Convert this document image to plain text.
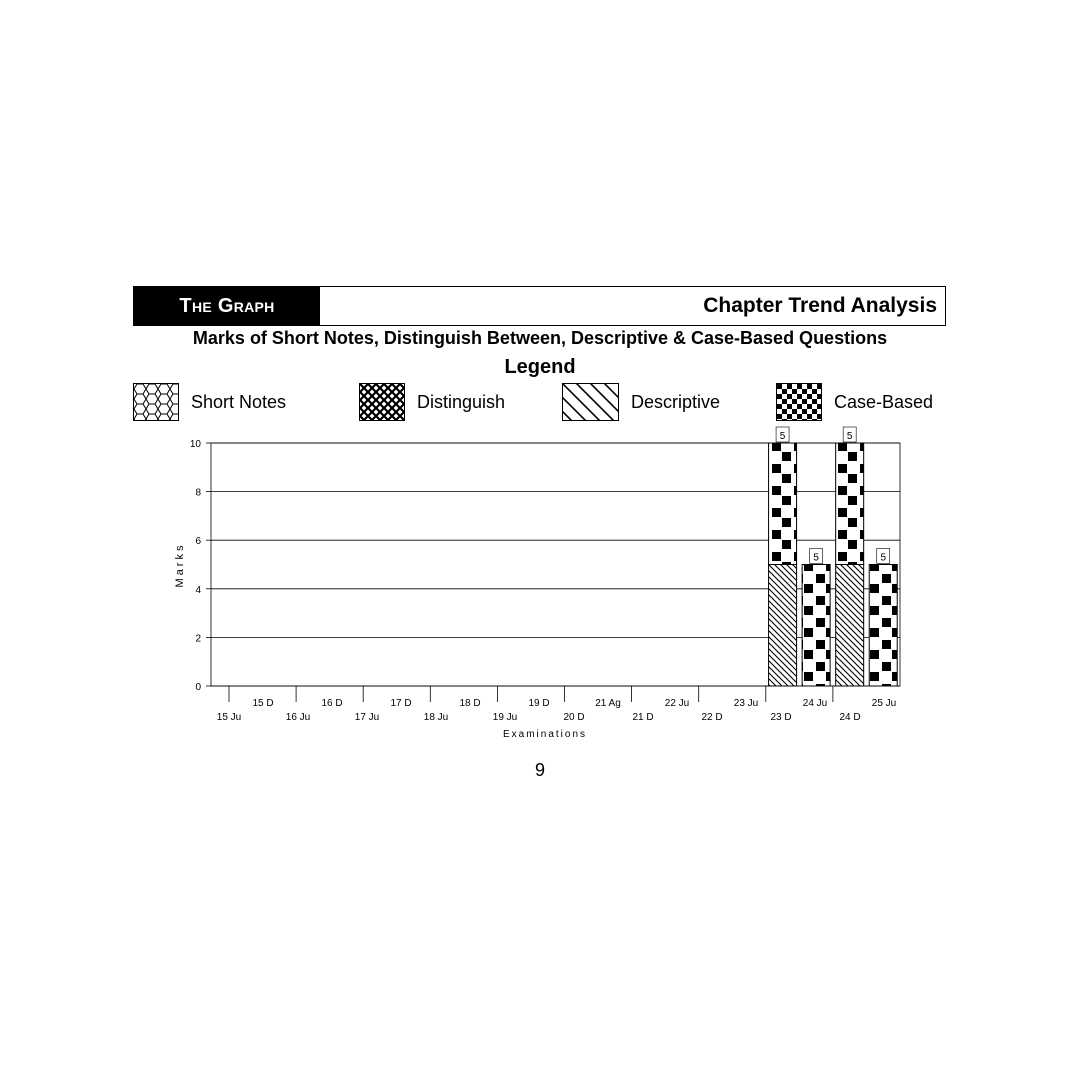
The Graph	Chapter Trend Analysis
Marks of Short Notes, Distinguish Between, Descriptive & Case-Based Questions
Legend
Short Notes	Distinguish	Descriptive	Case-Based
0
2
4
6
8
10
5
5
5
5
15 Ju
15 D
16 Ju
16 D
17 Ju
17 D
18 Ju
18 D
19 Ju
19 D
20 D
21 Ag
21 D
22 Ju
22 D
23 Ju
23 D
24 Ju
24 D
25 Ju
Examinations
Marks
9
